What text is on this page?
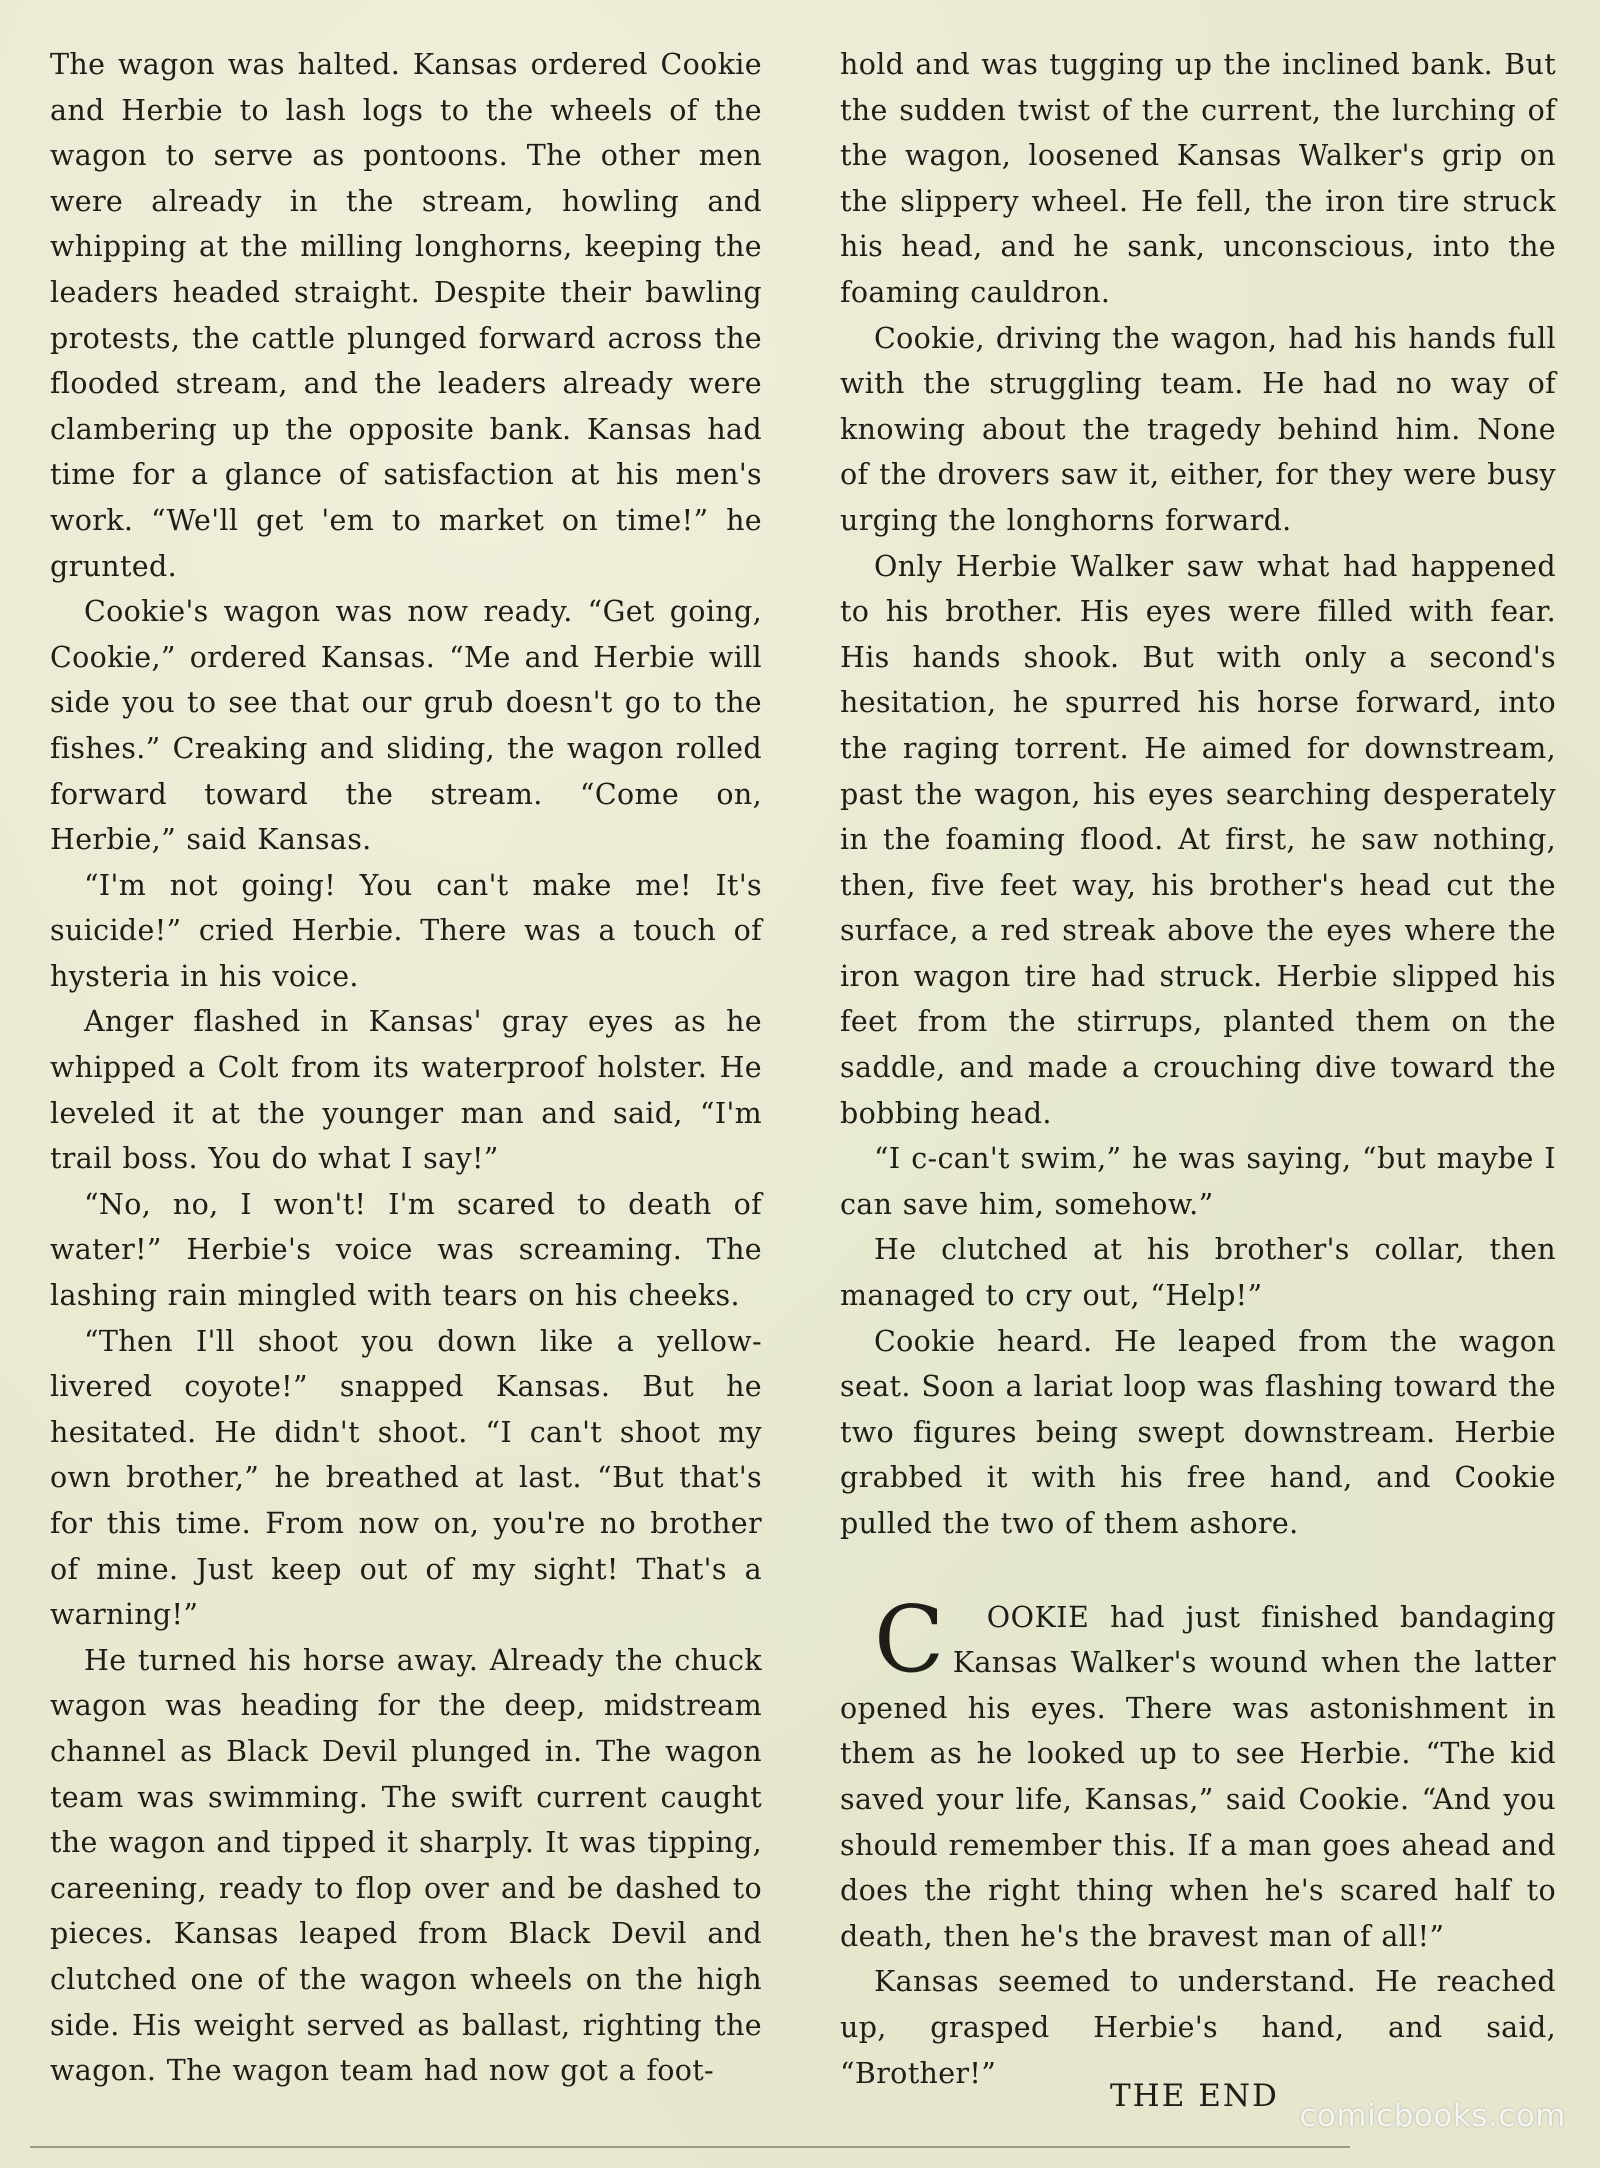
The wagon was halted. Kansas ordered Cookie and Herbie to lash logs to the wheels of the wagon to serve as pontoons. The other men were already in the stream, howling and whipping at the milling longhorns, keeping the leaders headed straight. Despite their bawling protests, the cattle plunged forward across the flooded stream, and the leaders already were clambering up the opposite bank. Kansas had time for a glance of satisfaction at his men's work. “We'll get 'em to market on time!” he grunted.

Cookie's wagon was now ready. “Get going, Cookie,” ordered Kansas. “Me and Herbie will side you to see that our grub doesn't go to the fishes.” Creaking and sliding, the wagon rolled forward toward the stream. “Come on, Herbie,” said Kansas.

“I'm not going! You can't make me! It's suicide!” cried Herbie. There was a touch of hysteria in his voice.

Anger flashed in Kansas' gray eyes as he whipped a Colt from its waterproof holster. He leveled it at the younger man and said, “I'm trail boss. You do what I say!”

“No, no, I won't! I'm scared to death of water!” Herbie's voice was screaming. The lashing rain mingled with tears on his cheeks.

“Then I'll shoot you down like a yellow-livered coyote!” snapped Kansas. But he hesitated. He didn't shoot. “I can't shoot my own brother,” he breathed at last. “But that's for this time. From now on, you're no brother of mine. Just keep out of my sight! That's a warning!”

He turned his horse away. Already the chuck wagon was heading for the deep, midstream channel as Black Devil plunged in. The wagon team was swimming. The swift current caught the wagon and tipped it sharply. It was tipping, careening, ready to flop over and be dashed to pieces. Kansas leaped from Black Devil and clutched one of the wagon wheels on the high side. His weight served as ballast, righting the wagon. The wagon team had now got a foot-

hold and was tugging up the inclined bank. But the sudden twist of the current, the lurching of the wagon, loosened Kansas Walker's grip on the slippery wheel. He fell, the iron tire struck his head, and he sank, unconscious, into the foaming cauldron.

Cookie, driving the wagon, had his hands full with the struggling team. He had no way of knowing about the tragedy behind him. None of the drovers saw it, either, for they were busy urging the longhorns forward.

Only Herbie Walker saw what had happened to his brother. His eyes were filled with fear. His hands shook. But with only a second's hesitation, he spurred his horse forward, into the raging torrent. He aimed for downstream, past the wagon, his eyes searching desperately in the foaming flood. At first, he saw nothing, then, five feet way, his brother's head cut the surface, a red streak above the eyes where the iron wagon tire had struck. Herbie slipped his feet from the stirrups, planted them on the saddle, and made a crouching dive toward the bobbing head.

“I c-can't swim,” he was saying, “but maybe I can save him, somehow.”

He clutched at his brother's collar, then managed to cry out, “Help!”

Cookie heard. He leaped from the wagon seat. Soon a lariat loop was flashing toward the two figures being swept downstream. Herbie grabbed it with his free hand, and Cookie pulled the two of them ashore.

C OOKIE had just finished bandaging Kansas Walker's wound when the latter opened his eyes. There was astonishment in them as he looked up to see Herbie. “The kid saved your life, Kansas,” said Cookie. “And you should remember this. If a man goes ahead and does the right thing when he's scared half to death, then he's the bravest man of all!”

Kansas seemed to understand. He reached up, grasped Herbie's hand, and said, “Brother!”

THE END
comicbooks.com
